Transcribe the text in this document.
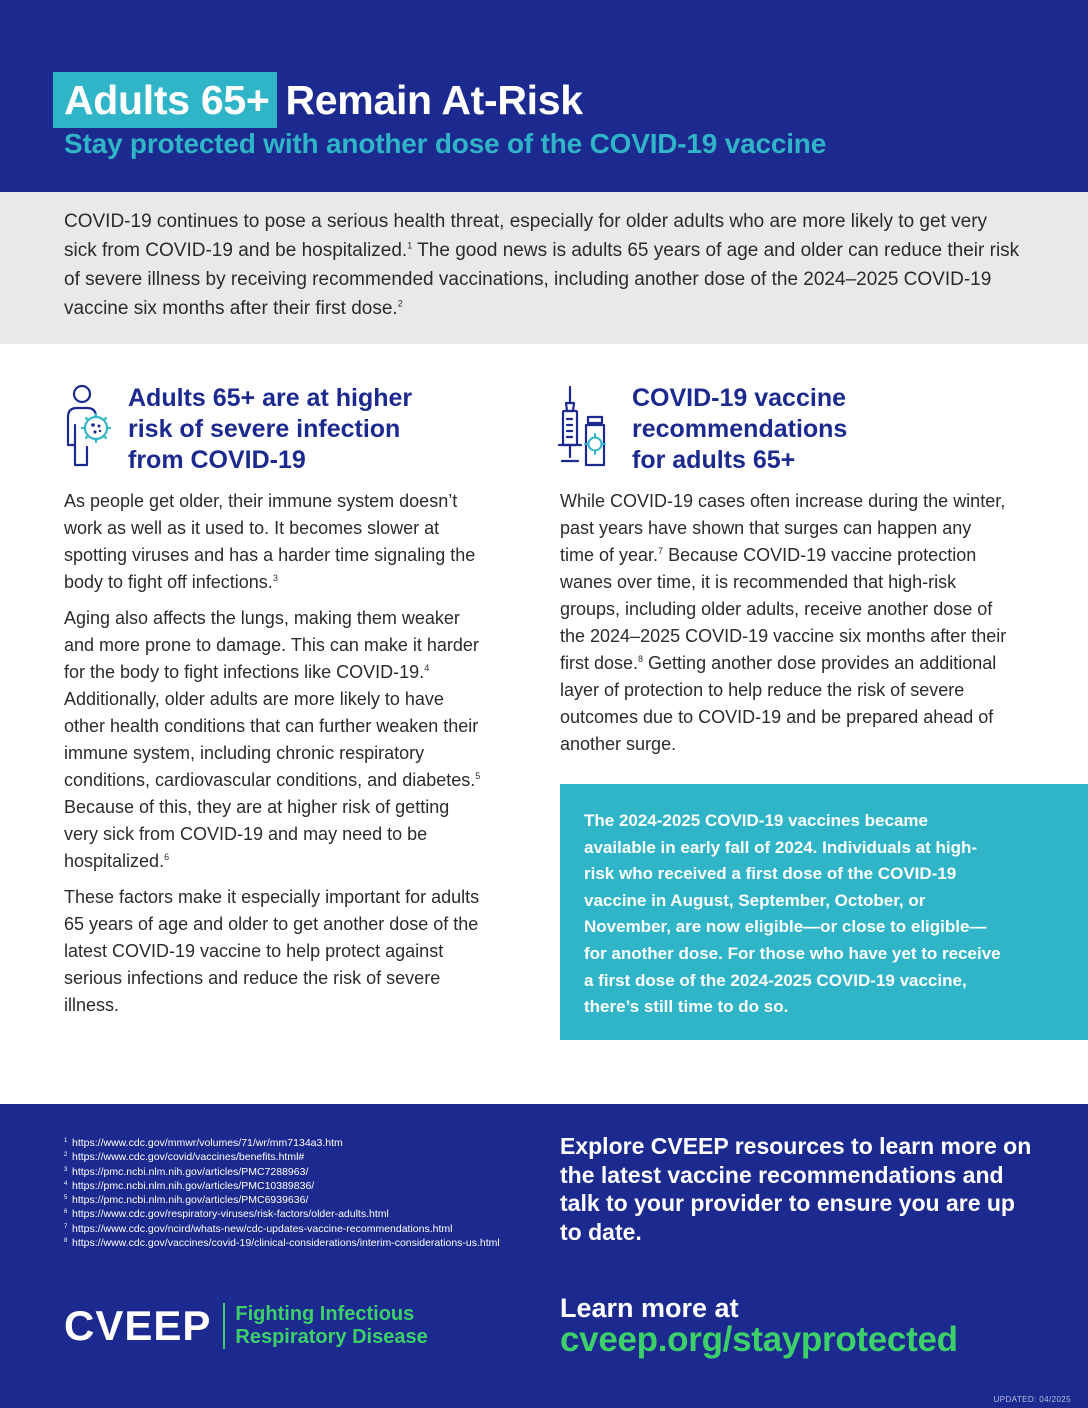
Adults 65+ Remain At-Risk
Stay protected with another dose of the COVID-19 vaccine

COVID-19 continues to pose a serious health threat, especially for older adults who are more likely to get very sick from COVID-19 and be hospitalized.$^1$ The good news is adults 65 years of age and older can reduce their risk of severe illness by receiving recommended vaccinations, including another dose of the 2024–2025 COVID-19 vaccine six months after their first dose.$^2$

Adults 65+ are at higher risk of severe infection from COVID-19

As people get older, their immune system doesn’t work as well as it used to. It becomes slower at spotting viruses and has a harder time signaling the body to fight off infections.$^3$

Aging also affects the lungs, making them weaker and more prone to damage. This can make it harder for the body to fight infections like COVID-19.$^4$ Additionally, older adults are more likely to have other health conditions that can further weaken their immune system, including chronic respiratory conditions, cardiovascular conditions, and diabetes.$^5$ Because of this, they are at higher risk of getting very sick from COVID-19 and may need to be hospitalized.$^6$

These factors make it especially important for adults 65 years of age and older to get another dose of the latest COVID-19 vaccine to help protect against serious infections and reduce the risk of severe illness.

COVID-19 vaccine recommendations for adults 65+

While COVID-19 cases often increase during the winter, past years have shown that surges can happen any time of year.$^7$ Because COVID-19 vaccine protection wanes over time, it is recommended that high-risk groups, including older adults, receive another dose of the 2024–2025 COVID-19 vaccine six months after their first dose.$^8$ Getting another dose provides an additional layer of protection to help reduce the risk of severe outcomes due to COVID-19 and be prepared ahead of another surge.

The 2024-2025 COVID-19 vaccines became available in early fall of 2024. Individuals at high-risk who received a first dose of the COVID-19 vaccine in August, September, October, or November, are now eligible—or close to eligible—for another dose. For those who have yet to receive a first dose of the 2024-2025 COVID-19 vaccine, there’s still time to do so.

1 https://www.cdc.gov/mmwr/volumes/71/wr/mm7134a3.htm
2 https://www.cdc.gov/covid/vaccines/benefits.html#
3 https://pmc.ncbi.nlm.nih.gov/articles/PMC7288963/
4 https://pmc.ncbi.nlm.nih.gov/articles/PMC10389836/
5 https://pmc.ncbi.nlm.nih.gov/articles/PMC6939636/
6 https://www.cdc.gov/respiratory-viruses/risk-factors/older-adults.html
7 https://www.cdc.gov/ncird/whats-new/cdc-updates-vaccine-recommendations.html
8 https://www.cdc.gov/vaccines/covid-19/clinical-considerations/interim-considerations-us.html

Explore CVEEP resources to learn more on the latest vaccine recommendations and talk to your provider to ensure you are up to date.

CVEEP Fighting Infectious
Respiratory Disease
Learn more at
cveep.org/stayprotected
UPDATED: 04/2025
